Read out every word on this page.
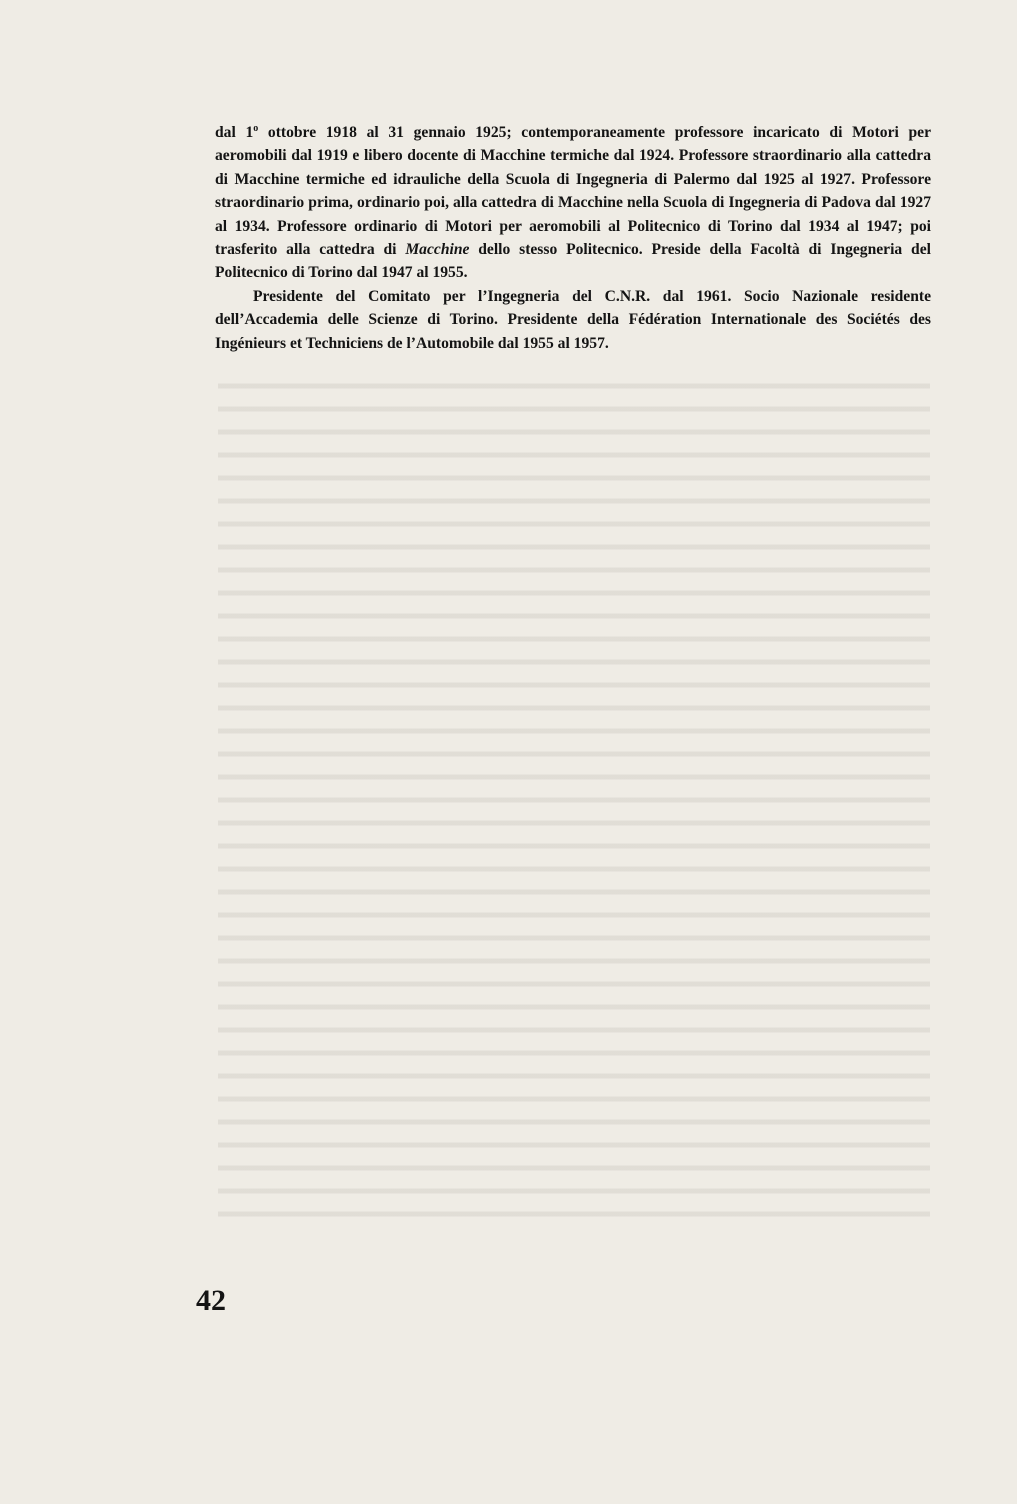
dal 1$^o$ ottobre 1918 al 31 gennaio 1925; contemporaneamente professore incaricato di Motori per aeromobili dal 1919 e libero docente di Macchine termiche dal 1924. Professore straordinario alla cattedra di Macchine termiche ed idrauliche della Scuola di Ingegneria di Palermo dal 1925 al 1927. Professore straordinario prima, ordinario poi, alla cattedra di Macchine nella Scuola di Ingegneria di Padova dal 1927 al 1934. Professore ordinario di Motori per aeromobili al Politecnico di Torino dal 1934 al 1947; poi trasferito alla cattedra di Macchine dello stesso Politecnico. Preside della Facoltà di Ingegneria del Politecnico di Torino dal 1947 al 1955.

Presidente del Comitato per l’Ingegneria del C.N.R. dal 1961. Socio Nazionale residente dell’Accademia delle Scienze di Torino. Presidente della Fédération Internationale des Sociétés des Ingénieurs et Techniciens de l’Automobile dal 1955 al 1957.

42
